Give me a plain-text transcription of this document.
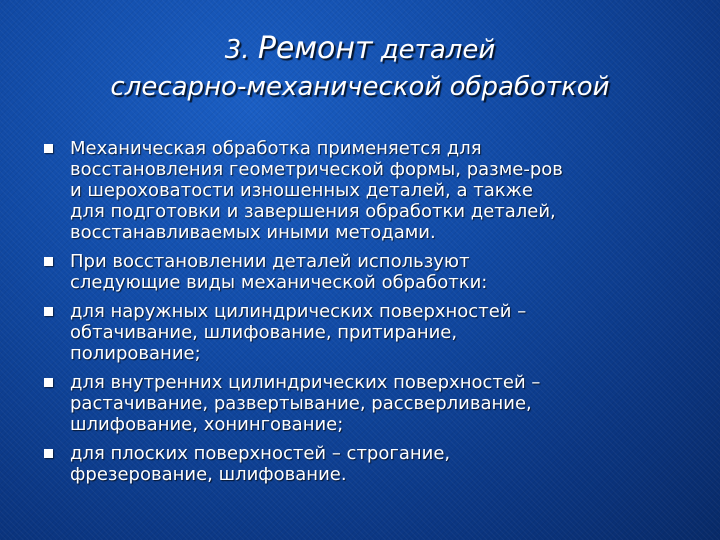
3. Ремонт деталей
слесарно-механической обработкой
Механическая обработка применяется для
восстановления геометрической формы, разме-ров
и шероховатости изношенных деталей, а также
для подготовки и завершения обработки деталей,
восстанавливаемых иными методами.
При восстановлении деталей используют
следующие виды механической обработки:
для наружных цилиндрических поверхностей –
обтачивание, шлифование, притирание,
полирование;
для внутренних цилиндрических поверхностей –
растачивание, развертывание, рассверливание,
шлифование, хонингование;
для плоских поверхностей – строгание,
фрезерование, шлифование.
